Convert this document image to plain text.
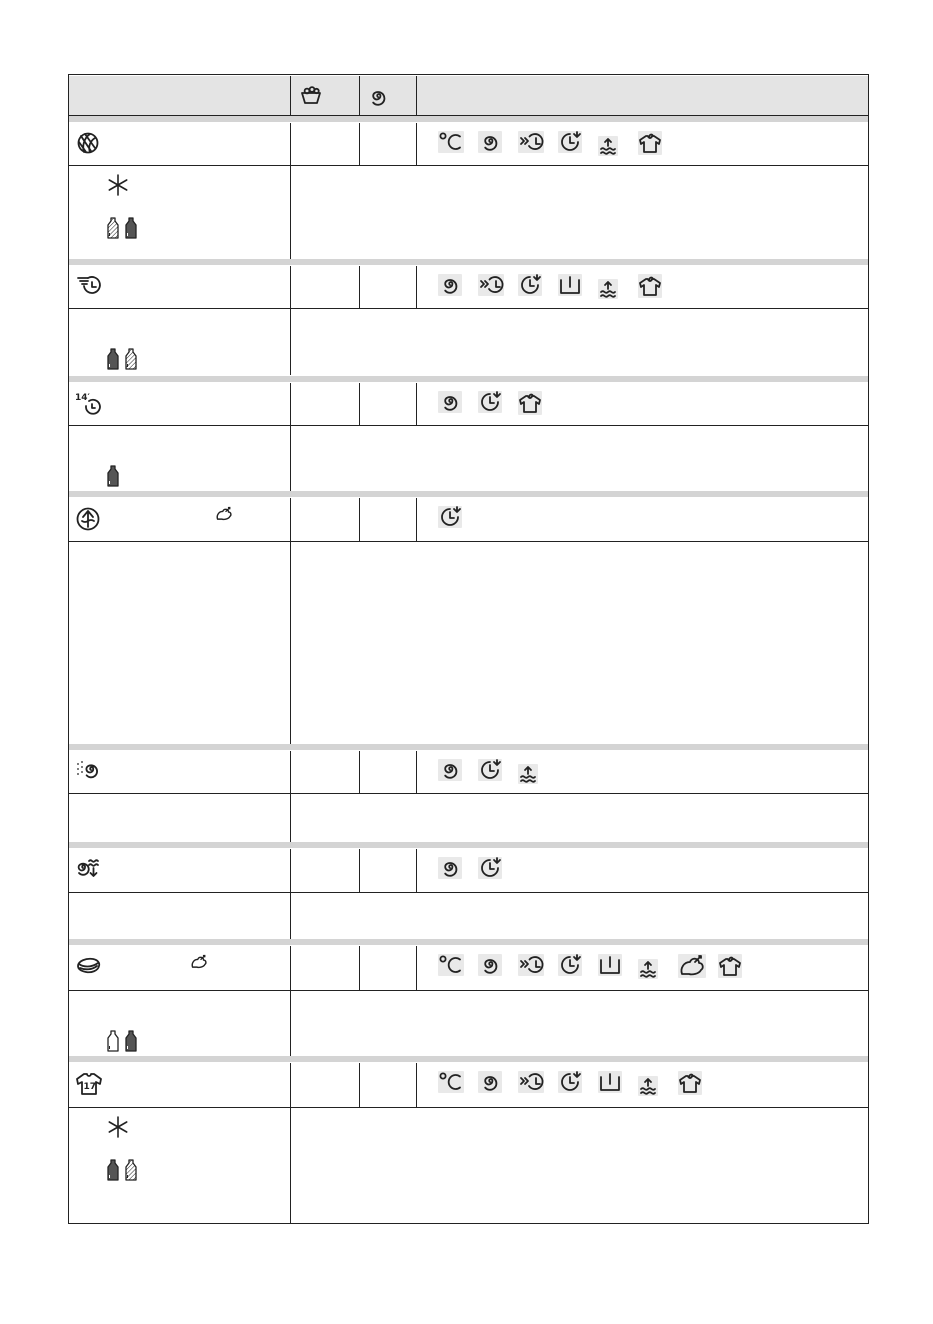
14′
17
